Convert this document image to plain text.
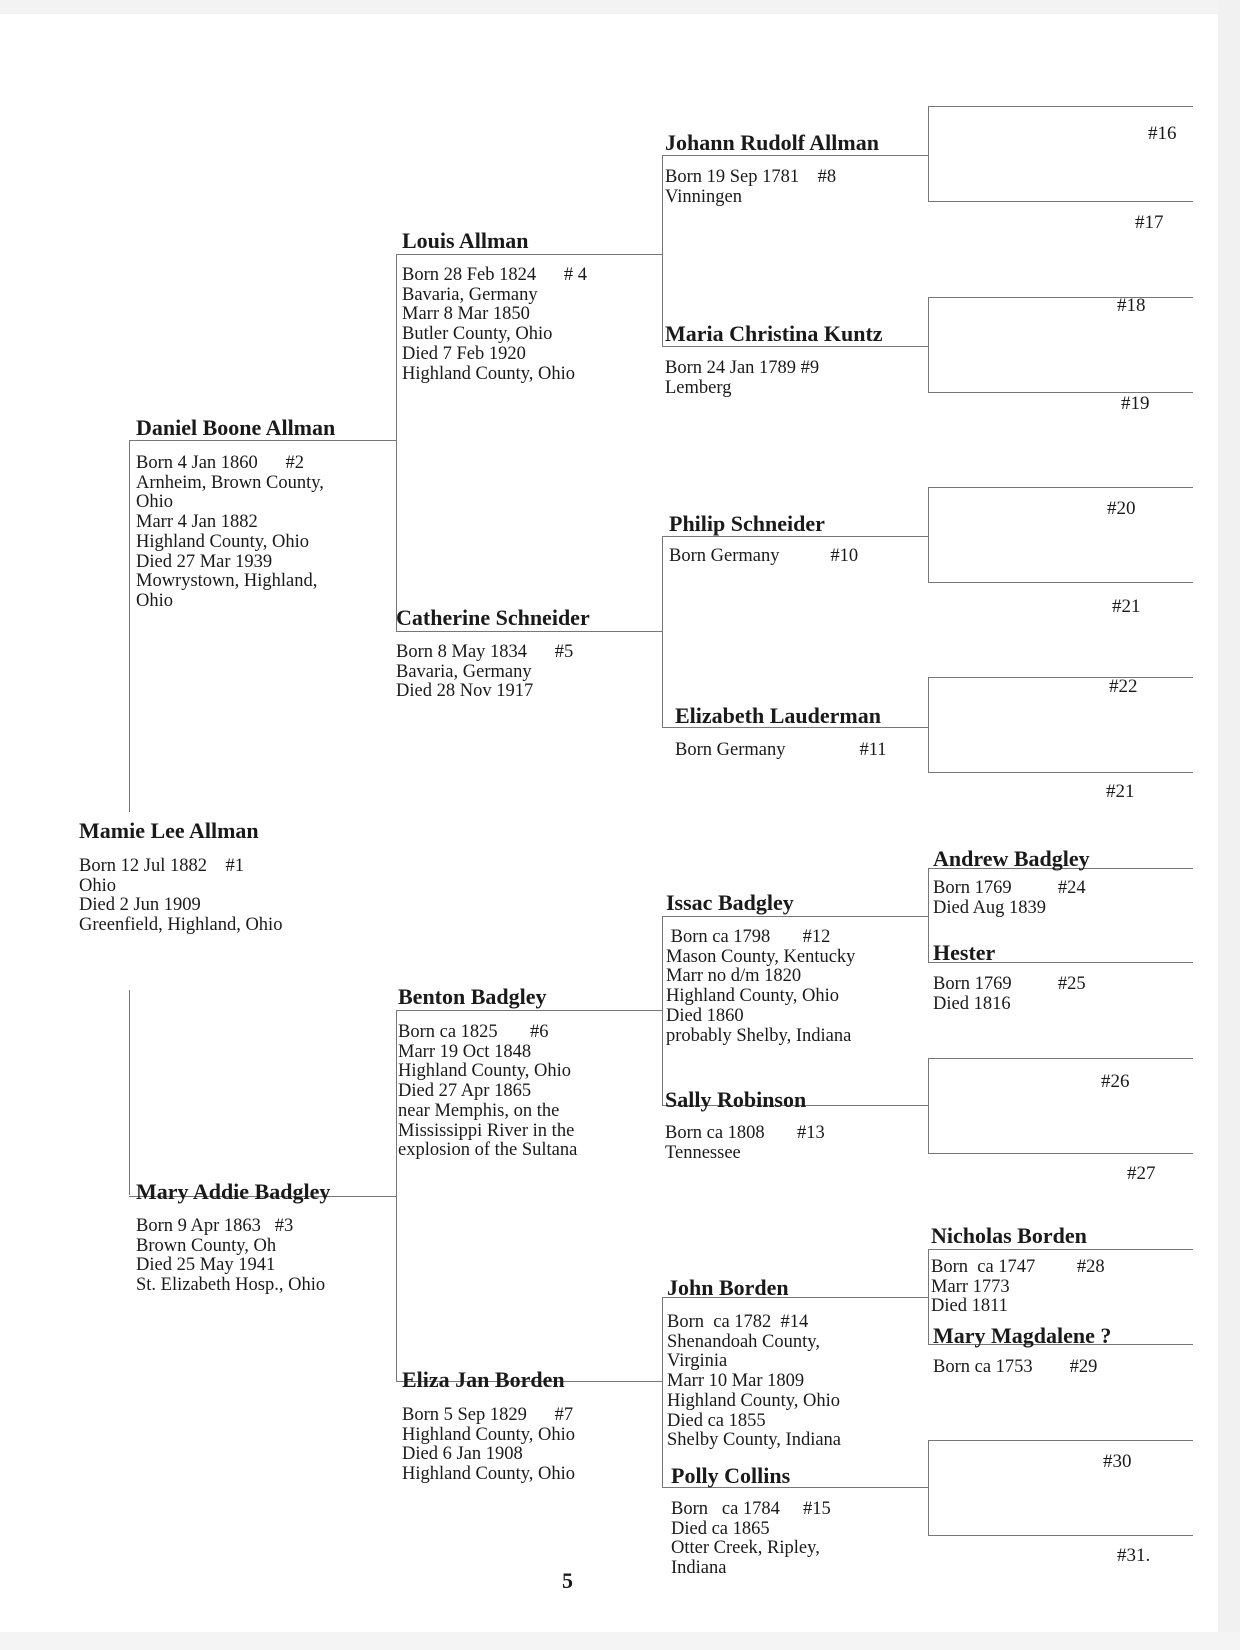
Mamie Lee Allman
Born 12 Jul 1882    #1
Ohio
Died 2 Jun 1909
Greenfield, Highland, Ohio
Daniel Boone Allman
Born 4 Jan 1860      #2
Arnheim, Brown County,
Ohio
Marr 4 Jan 1882
Highland County, Ohio
Died 27 Mar 1939
Mowrystown, Highland,
Ohio
Mary Addie Badgley
Born 9 Apr 1863   #3
Brown County, Oh
Died 25 May 1941
St. Elizabeth Hosp., Ohio
Louis Allman
Born 28 Feb 1824      # 4
Bavaria, Germany
Marr 8 Mar 1850
Butler County, Ohio
Died 7 Feb 1920
Highland County, Ohio
Catherine Schneider
Born 8 May 1834      #5
Bavaria, Germany
Died 28 Nov 1917
Benton Badgley
Born ca 1825       #6
Marr 19 Oct 1848
Highland County, Ohio
Died 27 Apr 1865
near Memphis, on the
Mississippi River in the
explosion of the Sultana
Eliza Jan Borden
Born 5 Sep 1829      #7
Highland County, Ohio
Died 6 Jan 1908
Highland County, Ohio
Johann Rudolf Allman
Born 19 Sep 1781    #8
Vinningen
Maria Christina Kuntz
Born 24 Jan 1789 #9
Lemberg
Philip Schneider
Born Germany           #10
Elizabeth Lauderman
Born Germany                #11
Issac Badgley
Born ca 1798       #12
Mason County, Kentucky
Marr no d/m 1820
Highland County, Ohio
Died 1860
probably Shelby, Indiana
Sally Robinson
Born ca 1808       #13
Tennessee
John Borden
Born  ca 1782  #14
Shenandoah County,
Virginia
Marr 10 Mar 1809
Highland County, Ohio
Died ca 1855
Shelby County, Indiana
Polly Collins
Born   ca 1784     #15
Died ca 1865
Otter Creek, Ripley,
Indiana
Andrew Badgley
Born 1769          #24
Died Aug 1839
Hester
Born 1769          #25
Died 1816
Nicholas Borden
Born  ca 1747         #28
Marr 1773
Died 1811
Mary Magdalene ?
Born ca 1753        #29
#16
#17
#18
#19
#20
#21
#22
#21
#26
#27
#30
#31.
5
